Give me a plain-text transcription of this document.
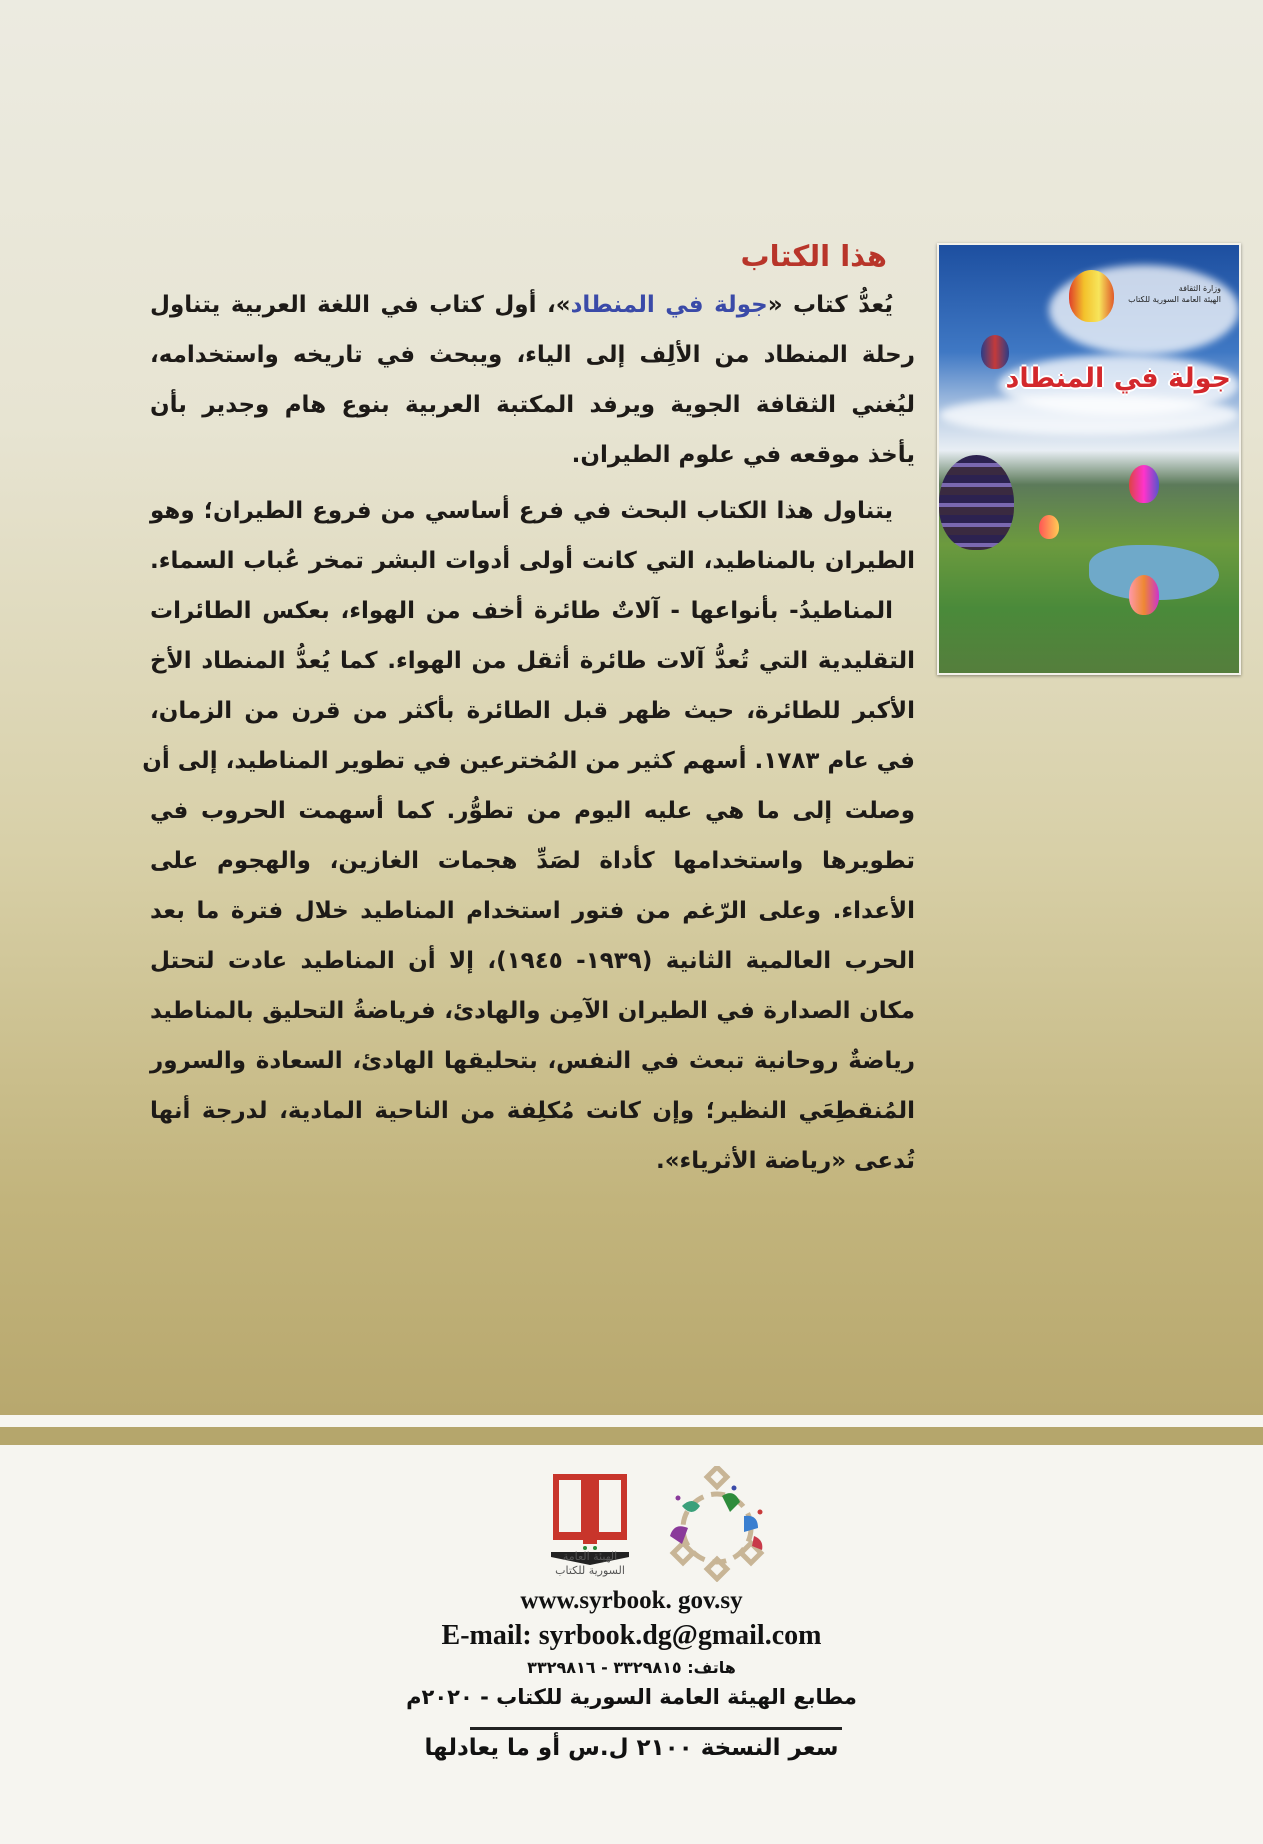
هذا الكتاب
يُعدُّ كتاب «جولة في المنطاد»، أول كتاب في اللغة العربية يتناول
رحلة المنطاد من الألِف إلى الياء، ويبحث في تاريخه واستخدامه،
ليُغني الثقافة الجوية ويرفد المكتبة العربية بنوع هام وجدير بأن
يأخذ موقعه في علوم الطيران.
يتناول هذا الكتاب البحث في فرع أساسي من فروع الطيران؛ وهو
الطيران بالمناطيد، التي كانت أولى أدوات البشر تمخر عُباب السماء.
المناطيدُ- بأنواعها - آلاتٌ طائرة أخف من الهواء، بعكس الطائرات
التقليدية التي تُعدُّ آلات طائرة أثقل من الهواء. كما يُعدُّ المنطاد الأخ
الأكبر للطائرة، حيث ظهر قبل الطائرة بأكثر من قرن من الزمان،
في عام ١٧٨٣. أسهم كثير من المُخترعين في تطوير المناطيد، إلى أن
وصلت إلى ما هي عليه اليوم من تطوُّر. كما أسهمت الحروب في
تطويرها واستخدامها كأداة لصَدِّ هجمات الغازين، والهجوم على
الأعداء. وعلى الرّغم من فتور استخدام المناطيد خلال فترة ما بعد
الحرب العالمية الثانية (١٩٣٩- ١٩٤٥)، إلا أن المناطيد عادت لتحتل
مكان الصدارة في الطيران الآمِن والهادئ، فرياضةُ التحليق بالمناطيد
رياضةٌ روحانية تبعث في النفس، بتحليقها الهادئ، السعادة والسرور
المُنقطِعَي النظير؛ وإن كانت مُكلِفة من الناحية المادية، لدرجة أنها
تُدعى «رياضة الأثرياء».
وزارة الثقافة
الهيئة العامة السورية للكتاب
جولة في المنطاد
الهيئة العامة
السورية للكتاب
www.syrbook. gov.sy
E-mail: syrbook.dg@gmail.com
هاتف: ٣٣٢٩٨١٥ - ٣٣٢٩٨١٦
مطابع الهيئة العامة السورية للكتاب - ٢٠٢٠م
سعر النسخة ٢١٠٠ ل.س أو ما يعادلها
